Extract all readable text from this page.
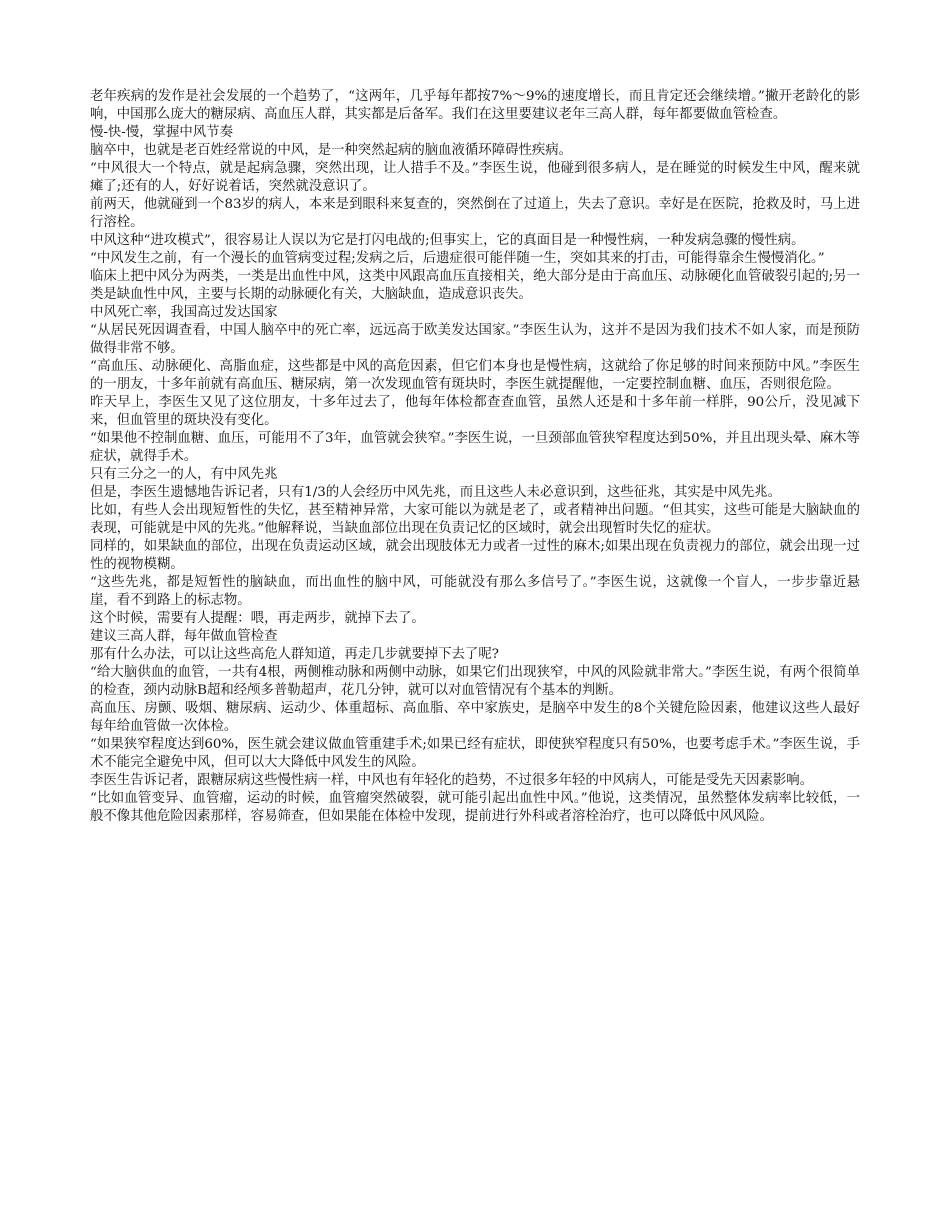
老年疾病的发作是社会发展的一个趋势了，“这两年，几乎每年都按7%～9%的速度增长，而且肯定还会继续增。”撇开老龄化的影响，中国那么庞大的糖尿病、高血压人群，其实都是后备军。我们在这里要建议老年三高人群，每年都要做血管检查。

慢-快-慢，掌握中风节奏

脑卒中，也就是老百姓经常说的中风，是一种突然起病的脑血液循环障碍性疾病。

“中风很大一个特点，就是起病急骤，突然出现，让人措手不及。”李医生说，他碰到很多病人，是在睡觉的时候发生中风，醒来就瘫了;还有的人，好好说着话，突然就没意识了。

前两天，他就碰到一个83岁的病人，本来是到眼科来复查的，突然倒在了过道上，失去了意识。幸好是在医院，抢救及时，马上进行溶栓。

中风这种“进攻模式”，很容易让人误以为它是打闪电战的;但事实上，它的真面目是一种慢性病，一种发病急骤的慢性病。

“中风发生之前，有一个漫长的血管病变过程;发病之后，后遗症很可能伴随一生，突如其来的打击，可能得靠余生慢慢消化。”

临床上把中风分为两类，一类是出血性中风，这类中风跟高血压直接相关，绝大部分是由于高血压、动脉硬化血管破裂引起的;另一类是缺血性中风，主要与长期的动脉硬化有关，大脑缺血，造成意识丧失。

中风死亡率，我国高过发达国家

“从居民死因调查看，中国人脑卒中的死亡率，远远高于欧美发达国家。”李医生认为，这并不是因为我们技术不如人家，而是预防做得非常不够。

“高血压、动脉硬化、高脂血症，这些都是中风的高危因素，但它们本身也是慢性病，这就给了你足够的时间来预防中风。”李医生的一朋友，十多年前就有高血压、糖尿病，第一次发现血管有斑块时，李医生就提醒他，一定要控制血糖、血压，否则很危险。

昨天早上，李医生又见了这位朋友，十多年过去了，他每年体检都查查血管，虽然人还是和十多年前一样胖，90公斤，没见减下来，但血管里的斑块没有变化。

“如果他不控制血糖、血压，可能用不了3年，血管就会狭窄。”李医生说，一旦颈部血管狭窄程度达到50%，并且出现头晕、麻木等症状，就得手术。

只有三分之一的人，有中风先兆

但是，李医生遗憾地告诉记者，只有1/3的人会经历中风先兆，而且这些人未必意识到，这些征兆，其实是中风先兆。

比如，有些人会出现短暂性的失忆，甚至精神异常，大家可能以为就是老了，或者精神出问题。“但其实，这些可能是大脑缺血的表现，可能就是中风的先兆。”他解释说，当缺血部位出现在负责记忆的区域时，就会出现暂时失忆的症状。

同样的，如果缺血的部位，出现在负责运动区域，就会出现肢体无力或者一过性的麻木;如果出现在负责视力的部位，就会出现一过性的视物模糊。

“这些先兆，都是短暂性的脑缺血，而出血性的脑中风，可能就没有那么多信号了。”李医生说，这就像一个盲人，一步步靠近悬崖，看不到路上的标志物。

这个时候，需要有人提醒：喂，再走两步，就掉下去了。

建议三高人群，每年做血管检查

那有什么办法，可以让这些高危人群知道，再走几步就要掉下去了呢?

“给大脑供血的血管，一共有4根，两侧椎动脉和两侧中动脉，如果它们出现狭窄，中风的风险就非常大。”李医生说，有两个很简单的检查，颈内动脉B超和经颅多普勒超声，花几分钟，就可以对血管情况有个基本的判断。

高血压、房颤、吸烟、糖尿病、运动少、体重超标、高血脂、卒中家族史，是脑卒中发生的8个关键危险因素，他建议这些人最好每年给血管做一次体检。

“如果狭窄程度达到60%，医生就会建议做血管重建手术;如果已经有症状，即使狭窄程度只有50%，也要考虑手术。”李医生说，手术不能完全避免中风，但可以大大降低中风发生的风险。

李医生告诉记者，跟糖尿病这些慢性病一样，中风也有年轻化的趋势，不过很多年轻的中风病人，可能是受先天因素影响。

“比如血管变异、血管瘤，运动的时候，血管瘤突然破裂，就可能引起出血性中风。”他说，这类情况，虽然整体发病率比较低，一般不像其他危险因素那样，容易筛查，但如果能在体检中发现，提前进行外科或者溶栓治疗，也可以降低中风风险。
